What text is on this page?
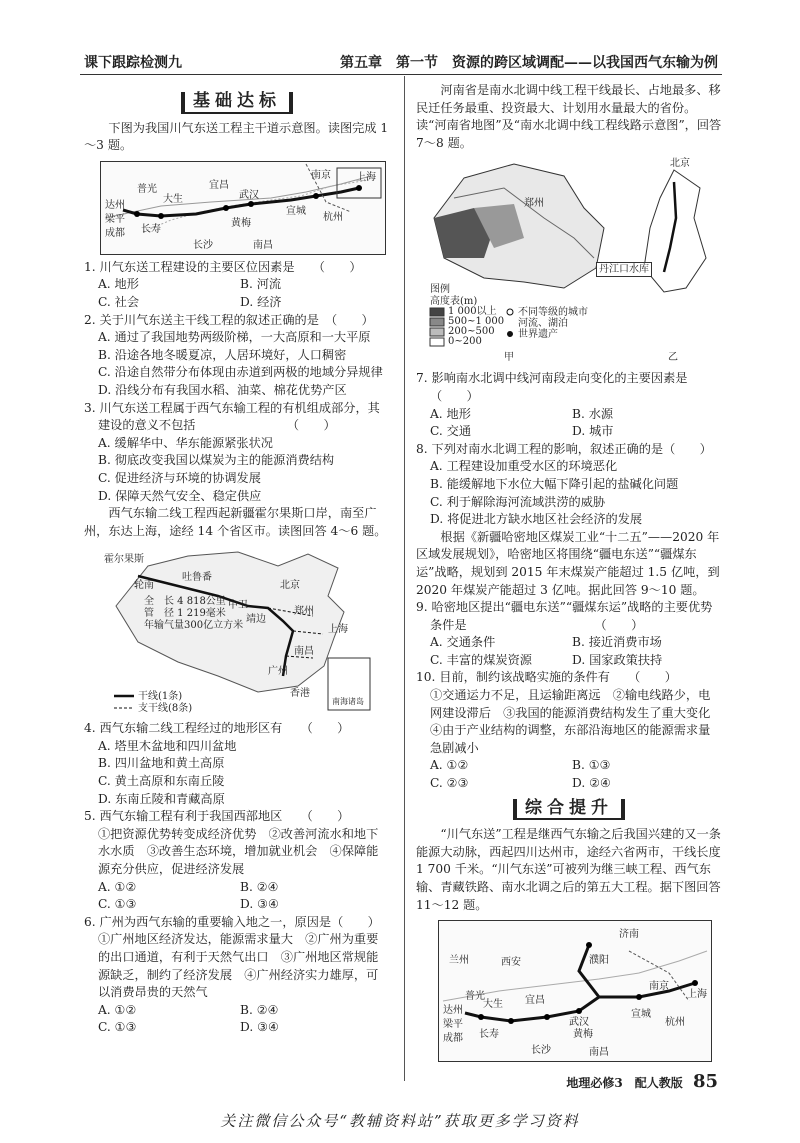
课下跟踪检测九	第五章　第一节　资源的跨区域调配——以我国西气东输为例
基础达标

下图为我国川气东送工程主干道示意图。读图完成 1～3 题。

普光
达州
梁平
大生
宜昌
武汉
南京	上海
成都 长寿
黄梅
宣城
杭州
长沙	南昌

1. 川气东送工程建设的主要区位因素是　　（　　）

A. 地形	B. 河流
C. 社会	D. 经济

2. 关于川气东送主干线工程的叙述正确的是　（　　）

A. 通过了我国地势两级阶梯，一大高原和一大平原

B. 沿途各地冬暖夏凉，人居环境好，人口稠密

C. 沿途自然带分布体现由赤道到两极的地域分异规律

D. 沿线分布有我国水稻、油菜、棉花优势产区

3. 川气东送工程属于西气东输工程的有机组成部分，其建设的意义不包括　　　　　　　　（　　）

A. 缓解华中、华东能源紧张状况

B. 彻底改变我国以煤炭为主的能源消费结构

C. 促进经济与环境的协调发展

D. 保障天然气安全、稳定供应

西气东输二线工程西起新疆霍尔果斯口岸，南至广州，东达上海，途经 14 个省区市。读图回答 4～6 题。

霍尔果斯
轮南
吐鲁番
北京
中卫
靖边
郑州
上海
南昌
广州
香港
全　长 4 818公里
管　径 1 219毫米
年输气量300亿立方米
干线(1条)
支干线(8条)
南海诸岛

4. 西气东输二线工程经过的地形区有　　（　　）

A. 塔里木盆地和四川盆地

B. 四川盆地和黄土高原

C. 黄土高原和东南丘陵

D. 东南丘陵和青藏高原

5. 西气东输工程有利于我国西部地区　　（　　）

①把资源优势转变成经济优势　②改善河流水和地下水水质　③改善生态环境，增加就业机会　④保障能源充分供应，促进经济发展

A. ①②	B. ②④
C. ①③	D. ③④

6. 广州为西气东输的重要输入地之一，原因是（　　）

①广州地区经济发达，能源需求量大　②广州为重要的出口通道，有利于天然气出口　③广州地区常规能源缺乏，制约了经济发展　④广州经济实力雄厚，可以消费昂贵的天然气

A. ①②	B. ②④
C. ①③	D. ③④

河南省是南水北调中线工程干线最长、占地最多、移民迁任务最重、投资最大、计划用水量最大的省份。读“河南省地图”及“南水北调中线工程线路示意图”，回答 7～8 题。

郑州
北京
丹江口水库
图例
高度表(m)
1 000以上
500~1 000
200~500
0~200
不同等级的城市
河流、湖泊
世界遗产
甲	乙

7. 影响南水北调中线河南段走向变化的主要因素是（　　）

A. 地形	B. 水源
C. 交通	D. 城市

8. 下列对南水北调工程的影响，叙述正确的是（　　）

A. 工程建设加重受水区的环境恶化

B. 能缓解地下水位大幅下降引起的盐碱化问题

C. 利于解除海河流域洪涝的威胁

D. 将促进北方缺水地区社会经济的发展

根据《新疆哈密地区煤炭工业“十二五”——2020 年区域发展规划》，哈密地区将围绕“疆电东送”“疆煤东运”战略，规划到 2015 年末煤炭产能超过 1.5 亿吨，到 2020 年煤炭产能超过 3 亿吨。据此回答 9～10 题。

9. 哈密地区提出“疆电东送”“疆煤东运”战略的主要优势条件是　　　　　　　　　　　（　　）

A. 交通条件	B. 接近消费市场
C. 丰富的煤炭资源	D. 国家政策扶持

10. 目前，制约该战略实施的条件有　　（　　）

①交通运力不足，且运输距离远　②输电线路少，电网建设滞后　③我国的能源消费结构发生了重大变化　④由于产业结构的调整，东部沿海地区的能源需求量急剧减小

A. ①②	B. ①③
C. ②③	D. ②④
综合提升

“川气东送”工程是继西气东输之后我国兴建的又一条能源大动脉，西起四川达州市，途经六省两市，干线长度 1 700 千米。“川气东送”可被列为继三峡工程、西气东输、青藏铁路、南水北调之后的第五大工程。据下图回答 11～12 题。

济南
兰州	西安	濮阳
普光
达州
大生 宜昌
武汉
南京
上海
梁平
成都 长寿	黄梅
宣城
杭州
长沙	南昌
地理必修3　配人教版 85
关注微信公众号“教辅资料站”获取更多学习资料
